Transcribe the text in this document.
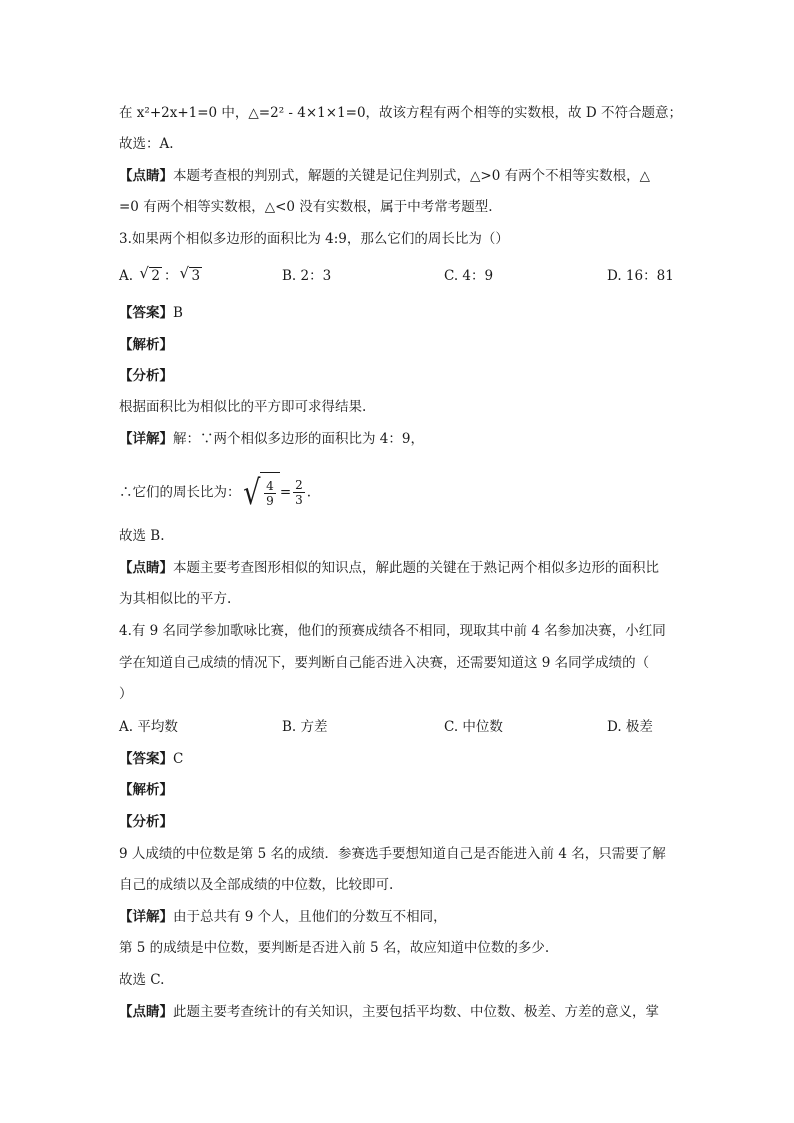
在 x²+2x+1=0 中，△=2² - 4×1×1=0，故该方程有两个相等的实数根，故 D 不符合题意；
故选：A.
【点睛】本题考查根的判别式，解题的关键是记住判别式，△>0 有两个不相等实数根，△
=0 有两个相等实数根，△<0 没有实数根，属于中考常考题型.
3.如果两个相似多边形的面积比为 4:9，那么它们的周长比为（）
A. √ 2 ： √ 3	B. 2：3	C. 4：9	D. 16：81
【答案】B
【解析】
【分析】
根据面积比为相似比的平方即可求得结果.
【详解】解：∵两个相似多边形的面积比为 4：9，
∴它们的周长比为： √ $\frac{4}{9} = \frac{2}{3}$ .
故选 B.
【点睛】本题主要考查图形相似的知识点，解此题的关键在于熟记两个相似多边形的面积比
为其相似比的平方.
4.有 9 名同学参加歌咏比赛，他们的预赛成绩各不相同，现取其中前 4 名参加决赛，小红同
学在知道自己成绩的情况下，要判断自己能否进入决赛，还需要知道这 9 名同学成绩的（
）
A. 平均数	B. 方差	C. 中位数	D. 极差
【答案】C
【解析】
【分析】
9 人成绩的中位数是第 5 名的成绩．参赛选手要想知道自己是否能进入前 4 名，只需要了解
自己的成绩以及全部成绩的中位数，比较即可.
【详解】由于总共有 9 个人，且他们的分数互不相同，
第 5 的成绩是中位数，要判断是否进入前 5 名，故应知道中位数的多少.
故选 C.
【点睛】此题主要考查统计的有关知识，主要包括平均数、中位数、极差、方差的意义，掌
